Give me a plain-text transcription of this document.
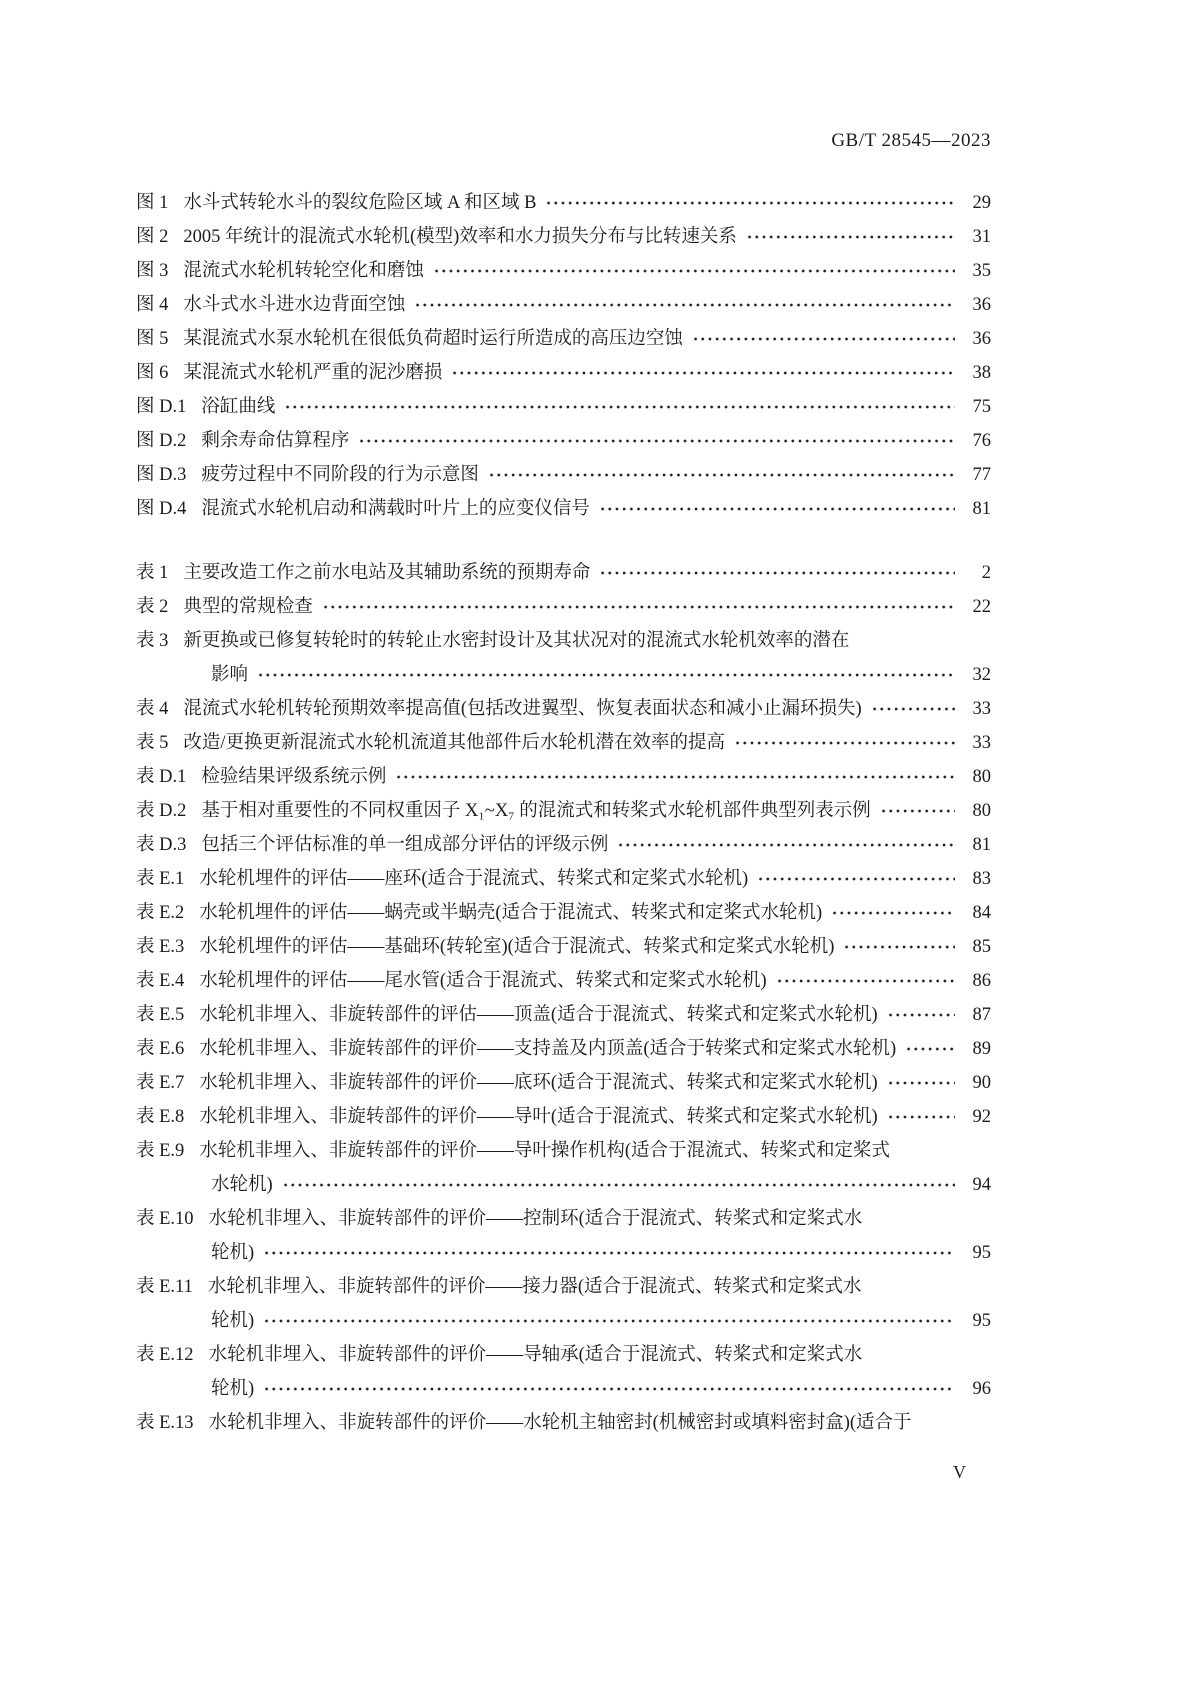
GB/T 28545—2023
图 1 水斗式转轮水斗的裂纹危险区域 A 和区域 B	29
图 2 2005 年统计的混流式水轮机(模型)效率和水力损失分布与比转速关系	31
图 3 混流式水轮机转轮空化和磨蚀	35
图 4 水斗式水斗进水边背面空蚀	36
图 5 某混流式水泵水轮机在很低负荷超时运行所造成的高压边空蚀	36
图 6 某混流式水轮机严重的泥沙磨损	38
图 D.1 浴缸曲线	75
图 D.2 剩余寿命估算程序	76
图 D.3 疲劳过程中不同阶段的行为示意图	77
图 D.4 混流式水轮机启动和满载时叶片上的应变仪信号	81
表 1 主要改造工作之前水电站及其辅助系统的预期寿命	2
表 2 典型的常规检查	22
表 3 新更换或已修复转轮时的转轮止水密封设计及其状况对的混流式水轮机效率的潜在
影响	32
表 4 混流式水轮机转轮预期效率提高值(包括改进翼型、恢复表面状态和减小止漏环损失)	33
表 5 改造/更换更新混流式水轮机流道其他部件后水轮机潜在效率的提高	33
表 D.1 检验结果评级系统示例	80
表 D.2 基于相对重要性的不同权重因子 X₁~X₇ 的混流式和转桨式水轮机部件典型列表示例	80
表 D.3 包括三个评估标准的单一组成部分评估的评级示例	81
表 E.1 水轮机埋件的评估——座环(适合于混流式、转桨式和定桨式水轮机)	83
表 E.2 水轮机埋件的评估——蜗壳或半蜗壳(适合于混流式、转桨式和定桨式水轮机)	84
表 E.3 水轮机埋件的评估——基础环(转轮室)(适合于混流式、转桨式和定桨式水轮机)	85
表 E.4 水轮机埋件的评估——尾水管(适合于混流式、转桨式和定桨式水轮机)	86
表 E.5 水轮机非埋入、非旋转部件的评估——顶盖(适合于混流式、转桨式和定桨式水轮机)	87
表 E.6 水轮机非埋入、非旋转部件的评价——支持盖及内顶盖(适合于转桨式和定桨式水轮机)	89
表 E.7 水轮机非埋入、非旋转部件的评价——底环(适合于混流式、转桨式和定桨式水轮机)	90
表 E.8 水轮机非埋入、非旋转部件的评价——导叶(适合于混流式、转桨式和定桨式水轮机)	92
表 E.9 水轮机非埋入、非旋转部件的评价——导叶操作机构(适合于混流式、转桨式和定桨式
水轮机)	94
表 E.10 水轮机非埋入、非旋转部件的评价——控制环(适合于混流式、转桨式和定桨式水
轮机)	95
表 E.11 水轮机非埋入、非旋转部件的评价——接力器(适合于混流式、转桨式和定桨式水
轮机)	95
表 E.12 水轮机非埋入、非旋转部件的评价——导轴承(适合于混流式、转桨式和定桨式水
轮机)	96
表 E.13 水轮机非埋入、非旋转部件的评价——水轮机主轴密封(机械密封或填料密封盒)(适合于
V
